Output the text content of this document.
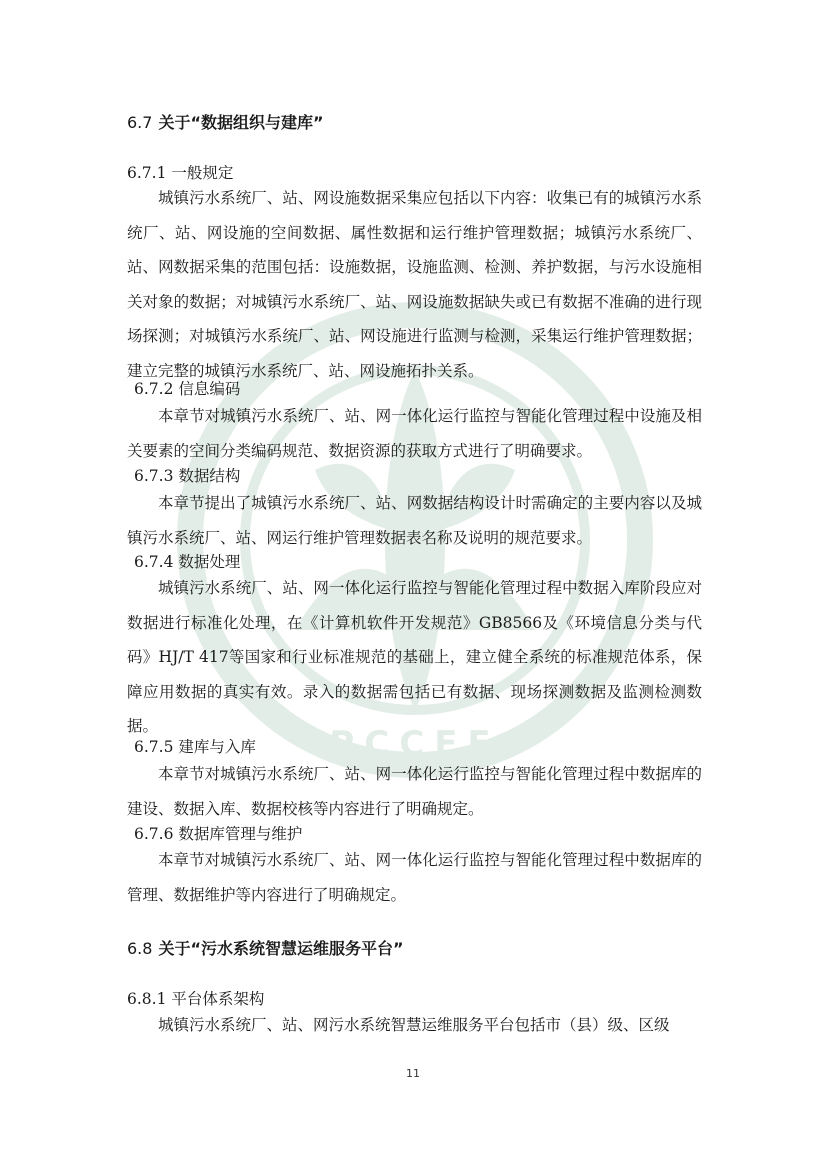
PCCEF
6.7 关于“数据组织与建库”
6.7.1 一般规定
城镇污水系统厂、站、网设施数据采集应包括以下内容：收集已有的城镇污水系统厂、站、网设施的空间数据、属性数据和运行维护管理数据；城镇污水系统厂、站、网数据采集的范围包括：设施数据，设施监测、检测、养护数据，与污水设施相关对象的数据；对城镇污水系统厂、站、网设施数据缺失或已有数据不准确的进行现场探测；对城镇污水系统厂、站、网设施进行监测与检测，采集运行维护管理数据；建立完整的城镇污水系统厂、站、网设施拓扑关系。
6.7.2 信息编码
本章节对城镇污水系统厂、站、网一体化运行监控与智能化管理过程中设施及相关要素的空间分类编码规范、数据资源的获取方式进行了明确要求。
6.7.3 数据结构
本章节提出了城镇污水系统厂、站、网数据结构设计时需确定的主要内容以及城镇污水系统厂、站、网运行维护管理数据表名称及说明的规范要求。
6.7.4 数据处理
城镇污水系统厂、站、网一体化运行监控与智能化管理过程中数据入库阶段应对数据进行标准化处理，在《计算机软件开发规范》GB8566及《环境信息分类与代码》HJ/T 417等国家和行业标准规范的基础上，建立健全系统的标准规范体系，保障应用数据的真实有效。录入的数据需包括已有数据、现场探测数据及监测检测数据。
6.7.5 建库与入库
本章节对城镇污水系统厂、站、网一体化运行监控与智能化管理过程中数据库的建设、数据入库、数据校核等内容进行了明确规定。
6.7.6 数据库管理与维护
本章节对城镇污水系统厂、站、网一体化运行监控与智能化管理过程中数据库的管理、数据维护等内容进行了明确规定。
6.8 关于“污水系统智慧运维服务平台”
6.8.1 平台体系架构
城镇污水系统厂、站、网污水系统智慧运维服务平台包括市（县）级、区级
11
